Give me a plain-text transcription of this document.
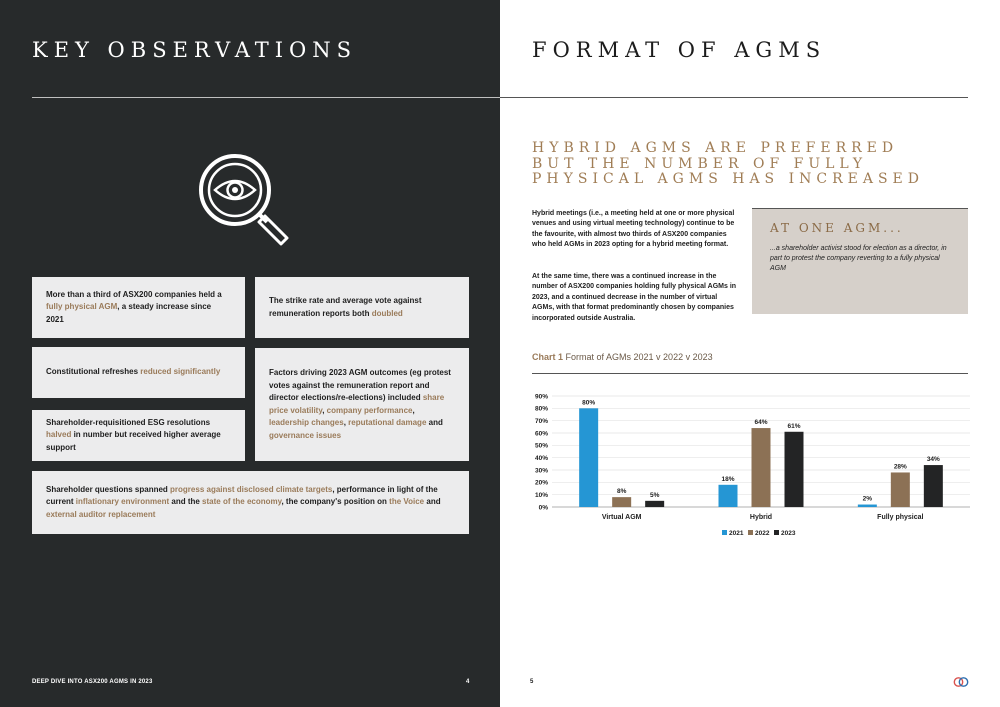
KEY OBSERVATIONS
More than a third of ASX200 companies held a fully physical AGM, a steady increase since 2021
The strike rate and average vote against remuneration reports both doubled
Constitutional refreshes reduced significantly	Factors driving 2023 AGM outcomes (eg protest votes against the remuneration report and director elections/re-elections) included share price volatility, company performance, leadership changes, reputational damage and governance issues
Shareholder-requisitioned ESG resolutions halved in number but received higher average support
Shareholder questions spanned progress against disclosed climate targets, performance in light of the current inflationary environment and the state of the economy, the company's position on the Voice and external auditor replacement
DEEP DIVE INTO ASX200 AGMS IN 2023	4
FORMAT OF AGMS
HYBRID AGMS ARE PREFERRED BUT THE NUMBER OF FULLY PHYSICAL AGMS HAS INCREASED

Hybrid meetings (i.e., a meeting held at one or more physical venues and using virtual meeting technology) continue to be the favourite, with almost two thirds of ASX200 companies who held AGMs in 2023 opting for a hybrid meeting format.

At the same time, there was a continued increase in the number of ASX200 companies holding fully physical AGMs in 2023, and a continued decrease in the number of virtual AGMs, with that format predominantly chosen by companies incorporated outside Australia.

AT ONE AGM...
...a shareholder activist stood for election as a director, in part to protest the company reverting to a fully physical AGM
Chart 1 Format of AGMs 2021 v 2022 v 2023
0%
10%
20%
30%
40%
50%
60%
70%
80%
90%
80%
8%
5%
Virtual AGM
18%
64%
61%
Hybrid
2%
28%
34%
Fully physical
2021 2022 2023
5
